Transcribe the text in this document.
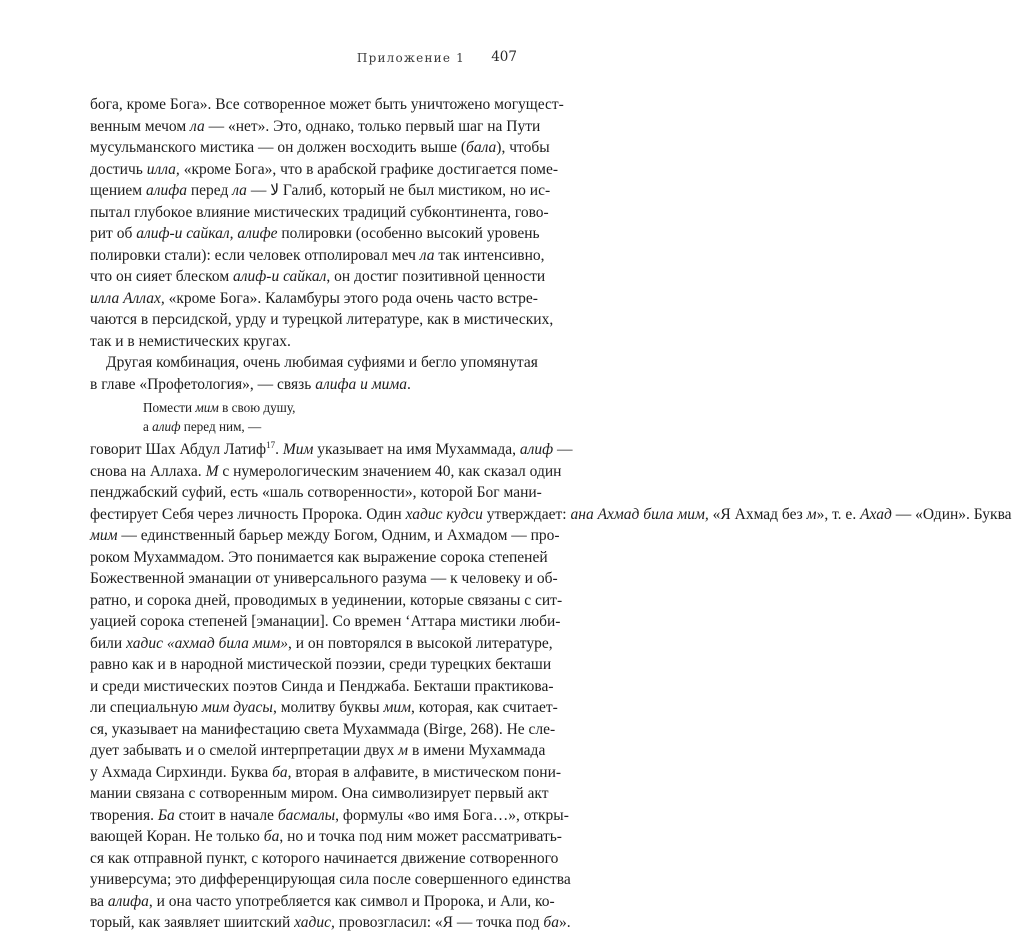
Приложение 1 407
бога, кроме Бога». Все сотворенное может быть уничтожено могущест-
венным мечом ла — «нет». Это, однако, только первый шаг на Пути
мусульманского мистика — он должен восходить выше (бала), чтобы
достичь илла, «кроме Бога», что в арабской графике достигается поме-
щением алифа перед ла — لا Галиб, который не был мистиком, но ис-
пытал глубокое влияние мистических традиций субконтинента, гово-
рит об алиф-и сайкал, алифе полировки (особенно высокий уровень
полировки стали): если человек отполировал меч ла так интенсивно,
что он сияет блеском алиф-и сайкал, он достиг позитивной ценности
илла Аллах, «кроме Бога». Каламбуры этого рода очень часто встре-
чаются в персидской, урду и турецкой литературе, как в мистических,
так и в немистических кругах.
Другая комбинация, очень любимая суфиями и бегло упомянутая
в главе «Профетология», — связь алифа и мима.
Помести мим в свою душу,
а алиф перед ним, —
говорит Шах Абдул Латиф$^{17}$. Мим указывает на имя Мухаммада, алиф —
снова на Аллаха. М с нумерологическим значением 40, как сказал один
пенджабский суфий, есть «шаль сотворенности», которой Бог мани-
фестирует Себя через личность Пророка. Один хадис кудси утверждает: ана Ахмад била мим, «Я Ахмад без м», т. е. Ахад — «Один». Буква
мим — единственный барьер между Богом, Одним, и Ахмадом — про-
роком Мухаммадом. Это понимается как выражение сорока степеней
Божественной эманации от универсального разума — к человеку и об-
ратно, и сорока дней, проводимых в уединении, которые связаны с сит-
уацией сорока степеней [эманации]. Со времен ‘Аттара мистики люби-
били хадис «ахмад била мим», и он повторялся в высокой литературе,
равно как и в народной мистической поэзии, среди турецких бекташи
и среди мистических поэтов Синда и Пенджаба. Бекташи практикова-
ли специальную мим дуасы, молитву буквы мим, которая, как считает-
ся, указывает на манифестацию света Мухаммада (Birge, 268). Не сле-
дует забывать и о смелой интерпретации двух м в имени Мухаммада
у Ахмада Сирхинди. Буква ба, вторая в алфавите, в мистическом пони-
мании связана с сотворенным миром. Она символизирует первый акт
творения. Ба стоит в начале басмалы, формулы «во имя Бога…», откры-
вающей Коран. Не только ба, но и точка под ним может рассматривать-
ся как отправной пункт, с которого начинается движение сотворенного
универсума; это дифференцирующая сила после совершенного единства
ва алифа, и она часто употребляется как символ и Пророка, и Али, ко-
торый, как заявляет шиитский хадис, провозгласил: «Я — точка под ба».
